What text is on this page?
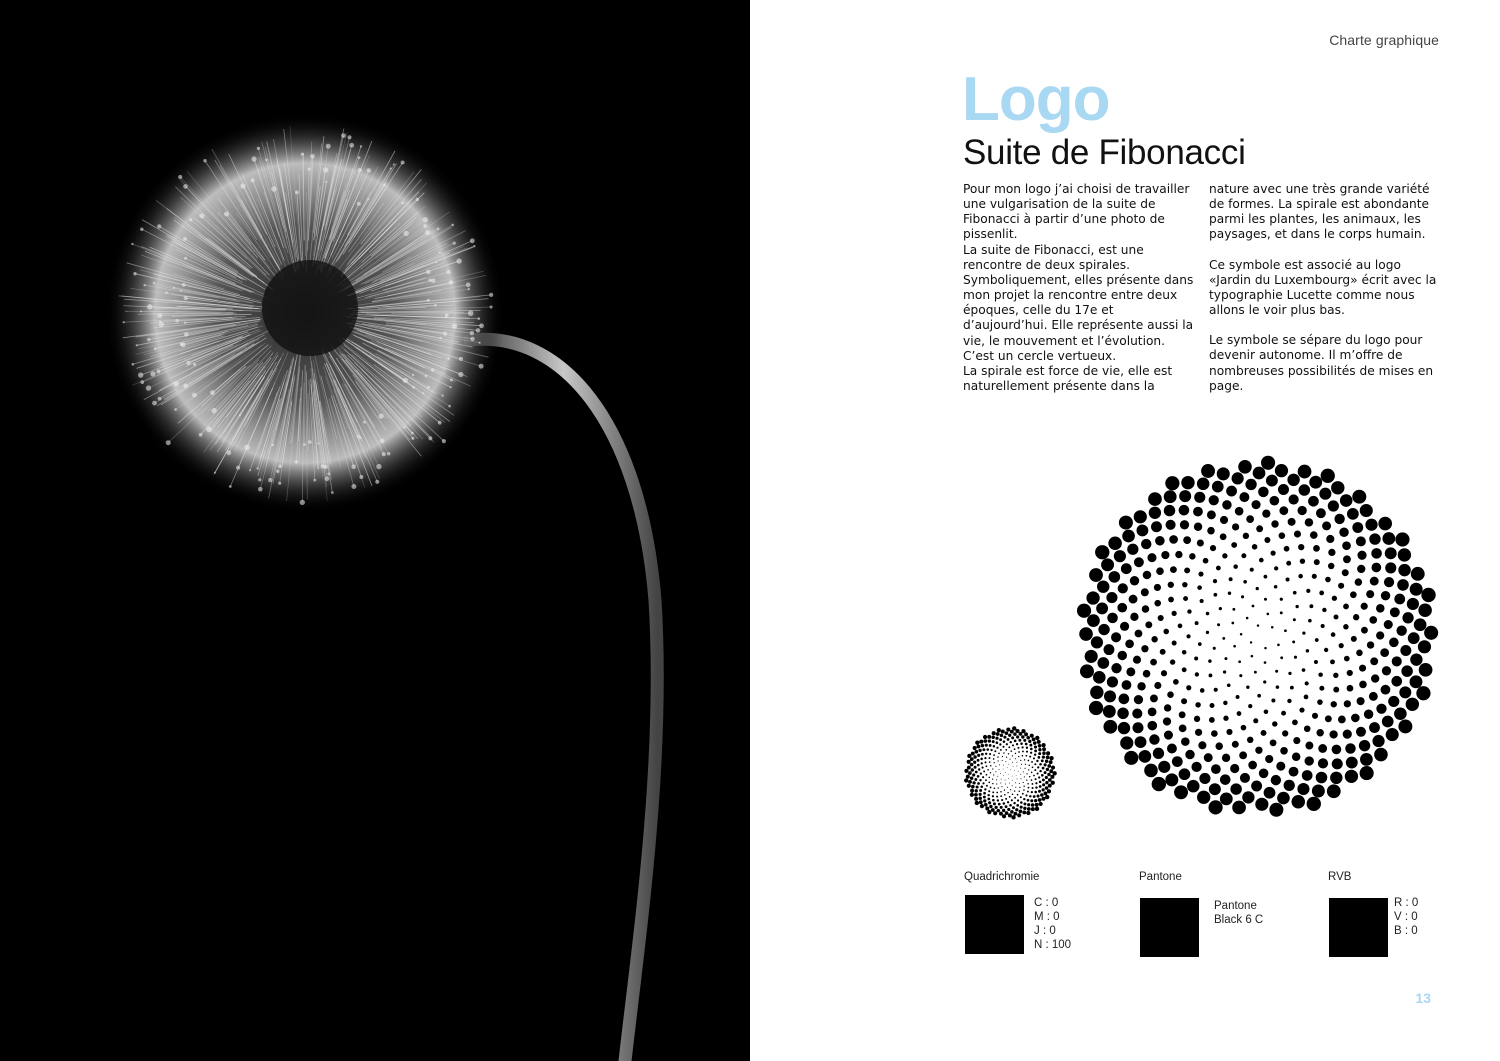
Charte graphique
Logo
Suite de Fibonacci

Pour mon logo j’ai choisi de travailler une vulgarisation de la suite de Fibonacci à partir d’une photo de pissenlit.

La suite de Fibonacci, est une rencontre de deux spirales. Symboliquement, elles présente dans mon projet la rencontre entre deux époques, celle du 17e et d’aujourd’hui. Elle représente aussi la vie, le mouvement et l’évolution. C’est un cercle vertueux.

La spirale est force de vie, elle est naturellement présente dans la

nature avec une très grande variété de formes. La spirale est abondante parmi les plantes, les animaux, les paysages, et dans le corps humain.

Ce symbole est associé au logo «Jardin du Luxembourg» écrit avec la typographie Lucette comme nous allons le voir plus bas.

Le symbole se sépare du logo pour devenir autonome. Il m’offre de nombreuses possibilités de mises en page.

Quadrichromie
C : 0
M : 0
J : 0
N : 100
Pantone
Pantone
Black 6 C
RVB
R : 0
V : 0
B : 0
13
